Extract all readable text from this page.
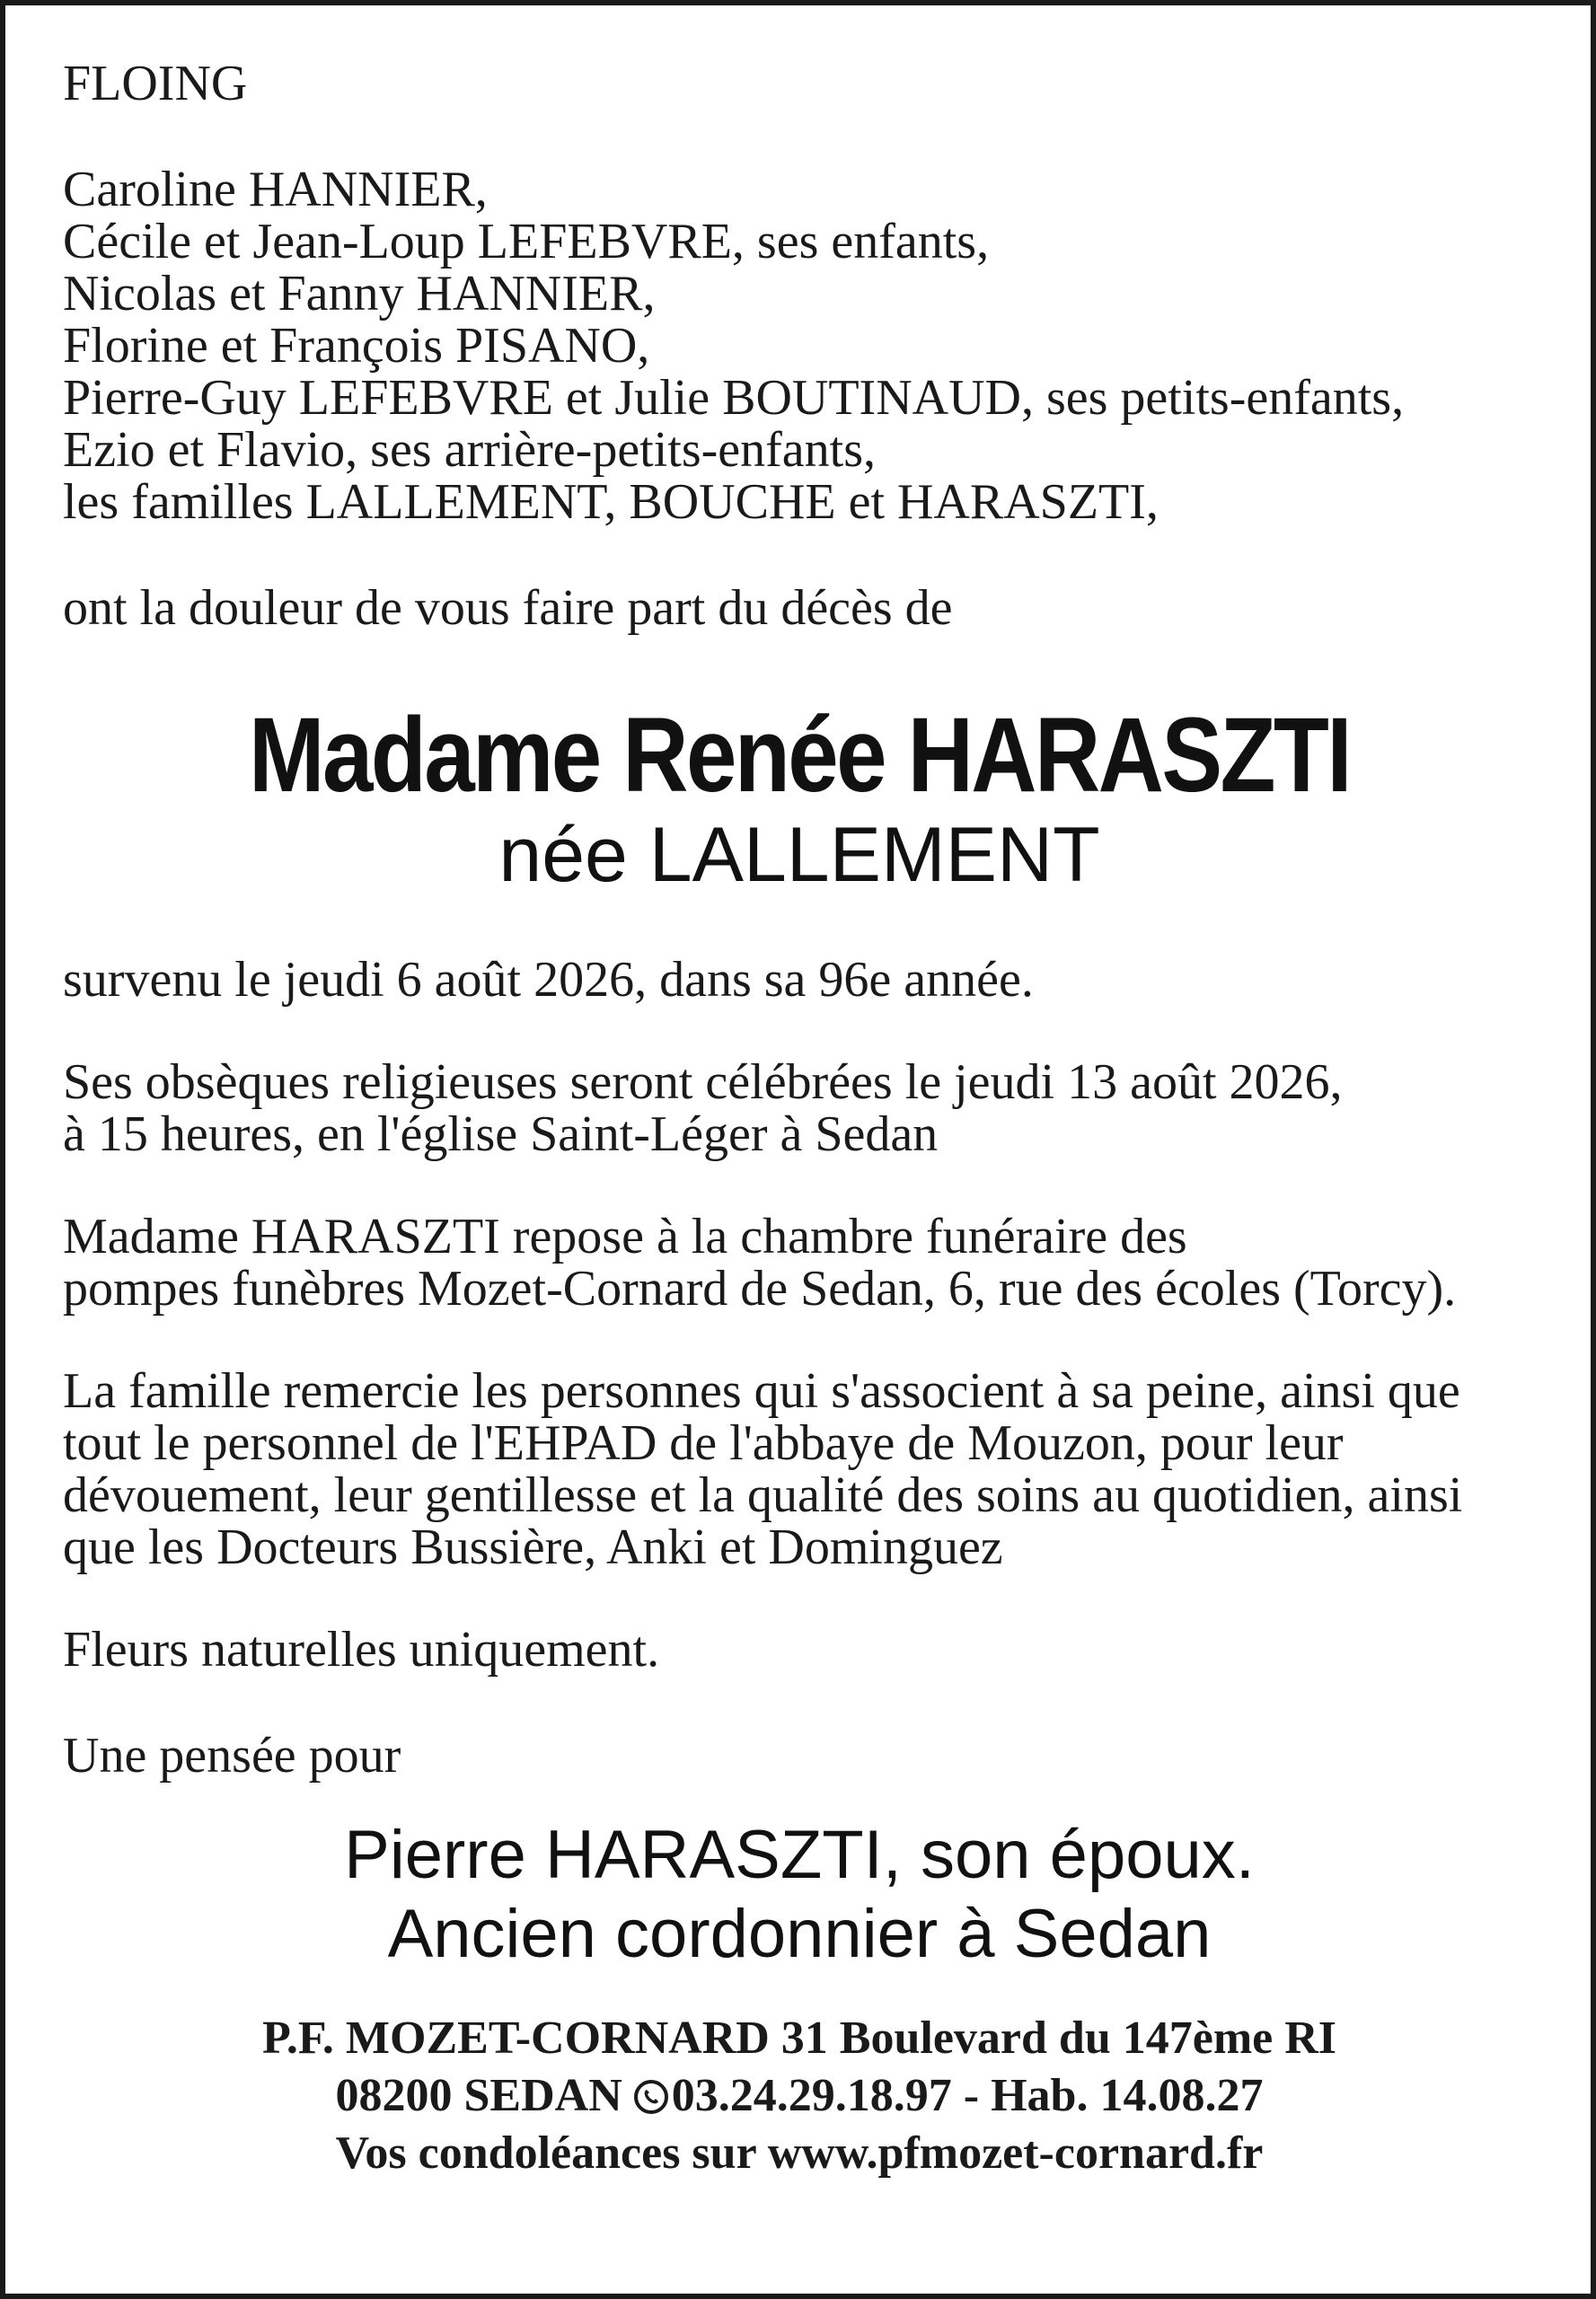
FLOING
Caroline HANNIER,
Cécile et Jean-Loup LEFEBVRE, ses enfants,
Nicolas et Fanny HANNIER,
Florine et François PISANO,
Pierre-Guy LEFEBVRE et Julie BOUTINAUD, ses petits-enfants,
Ezio et Flavio, ses arrière-petits-enfants,
les familles LALLEMENT, BOUCHE et HARASZTI,
ont la douleur de vous faire part du décès de
Madame Renée HARASZTI
née LALLEMENT
survenu le jeudi 6 août 2026, dans sa 96e année.
Ses obsèques religieuses seront célébrées le jeudi 13 août 2026,
à 15 heures, en l'église Saint-Léger à Sedan
Madame HARASZTI repose à la chambre funéraire des
pompes funèbres Mozet-Cornard de Sedan, 6, rue des écoles (Torcy).
La famille remercie les personnes qui s'associent à sa peine, ainsi que
tout le personnel de l'EHPAD de l'abbaye de Mouzon, pour leur
dévouement, leur gentillesse et la qualité des soins au quotidien, ainsi
que les Docteurs Bussière, Anki et Dominguez
Fleurs naturelles uniquement.
Une pensée pour
Pierre HARASZTI, son époux.
Ancien cordonnier à Sedan
P.F. MOZET-CORNARD 31 Boulevard du 147ème RI
08200 SEDAN
03.24.29.18.97 - Hab. 14.08.27
Vos condoléances sur www.pfmozet-cornard.fr
